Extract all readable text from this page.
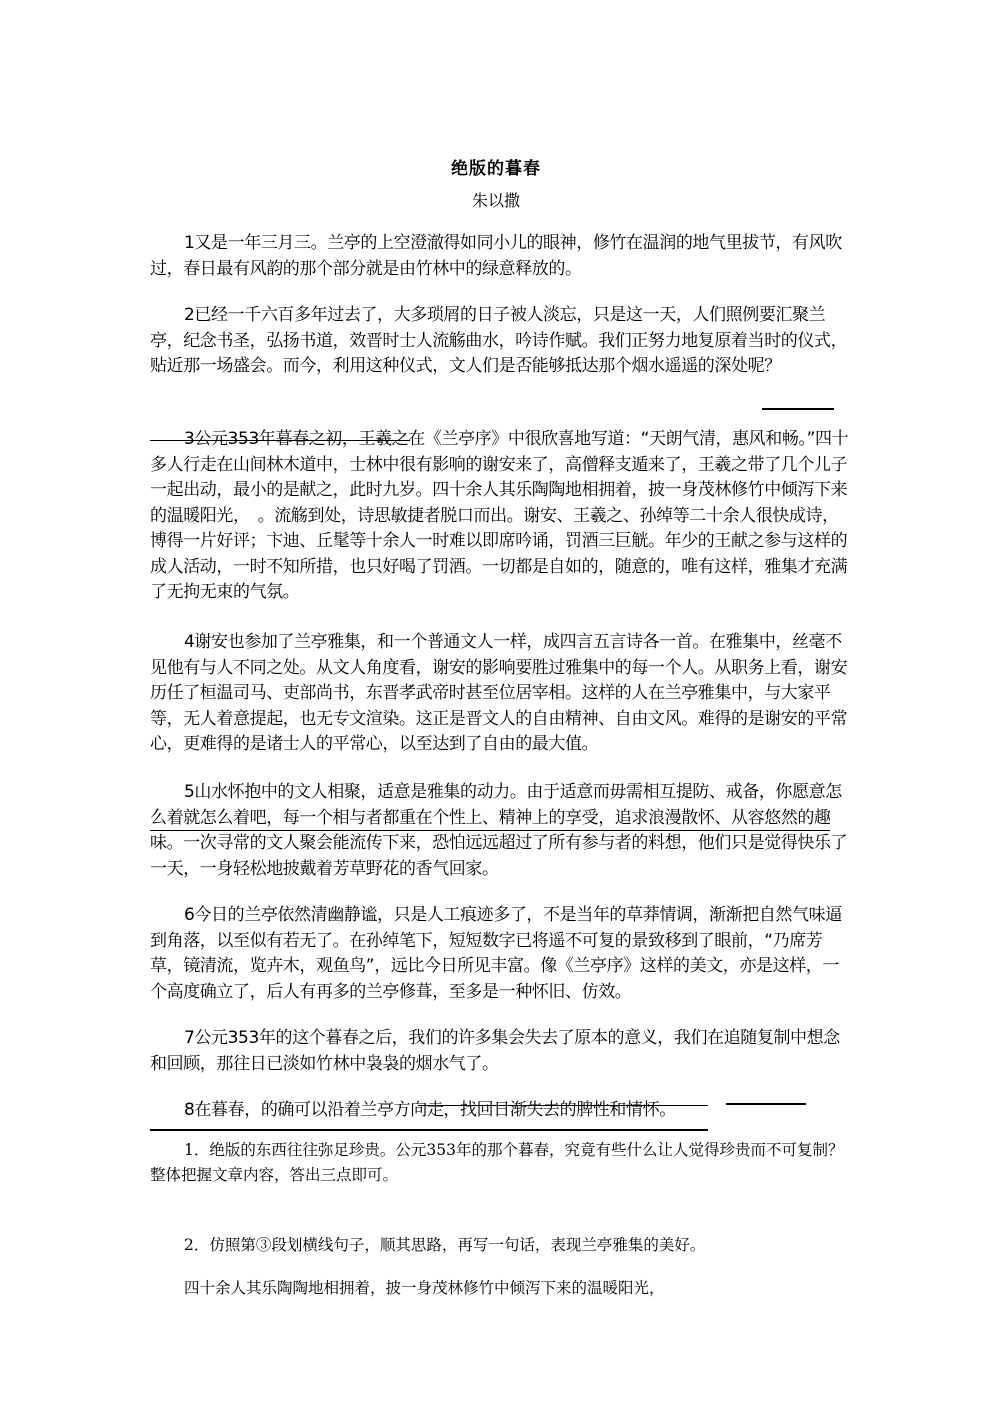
绝版的暮春
朱以撒
1又是一年三月三。兰亭的上空澄澈得如同小儿的眼神，修竹在温润的地气里拔节，有风吹过，春日最有风韵的那个部分就是由竹林中的绿意释放的。
2已经一千六百多年过去了，大多琐屑的日子被人淡忘，只是这一天，人们照例要汇聚兰亭，纪念书圣，弘扬书道，效晋时士人流觞曲水，吟诗作赋。我们正努力地复原着当时的仪式，贴近那一场盛会。而今，利用这种仪式，文人们是否能够抵达那个烟水遥遥的深处呢？
3公元353年暮春之初，王羲之在《兰亭序》中很欣喜地写道：“天朗气清，惠风和畅。”四十多人行走在山间林木道中，士林中很有影响的谢安来了，高僧释支遁来了，王羲之带了几个儿子一起出动，最小的是献之，此时九岁。四十余人其乐陶陶地相拥着，披一身茂林修竹中倾泻下来的温暖阳光，　。流觞到处，诗思敏捷者脱口而出。谢安、王羲之、孙绰等二十余人很快成诗，博得一片好评；卞迪、丘髦等十余人一时难以即席吟诵，罚酒三巨觥。年少的王献之参与这样的成人活动，一时不知所措，也只好喝了罚酒。一切都是自如的，随意的，唯有这样，雅集才充满了无拘无束的气氛。
4谢安也参加了兰亭雅集，和一个普通文人一样，成四言五言诗各一首。在雅集中，丝毫不见他有与人不同之处。从文人角度看，谢安的影响要胜过雅集中的每一个人。从职务上看，谢安历任了桓温司马、吏部尚书，东晋孝武帝时甚至位居宰相。这样的人在兰亭雅集中，与大家平等，无人着意提起，也无专文渲染。这正是晋文人的自由精神、自由文风。难得的是谢安的平常心，更难得的是诸士人的平常心，以至达到了自由的最大值。
5山水怀抱中的文人相聚，适意是雅集的动力。由于适意而毋需相互提防、戒备，你愿意怎么着就怎么着吧，每一个相与者都重在个性上、精神上的享受，追求浪漫散怀、从容悠然的趣味。一次寻常的文人聚会能流传下来，恐怕远远超过了所有参与者的料想，他们只是觉得快乐了一天，一身轻松地披戴着芳草野花的香气回家。
6今日的兰亭依然清幽静谧，只是人工痕迹多了，不是当年的草莽情调，渐渐把自然气味逼到角落，以至似有若无了。在孙绰笔下，短短数字已将遥不可复的景致移到了眼前，“乃席芳草，镜清流，览卉木，观鱼鸟”，远比今日所见丰富。像《兰亭序》这样的美文，亦是这样，一个高度确立了，后人有再多的兰亭修葺，至多是一种怀旧、仿效。
7公元353年的这个暮春之后，我们的许多集会失去了原本的意义，我们在追随复制中想念和回顾，那往日已淡如竹林中袅袅的烟水气了。
8在暮春，的确可以沿着兰亭方向走，找回日渐失去的脾性和情怀。
1．绝版的东西往往弥足珍贵。公元353年的那个暮春，究竟有些什么让人觉得珍贵而不可复制？整体把握文章内容，答出三点即可。
2．仿照第③段划横线句子，顺其思路，再写一句话，表现兰亭雅集的美好。
四十余人其乐陶陶地相拥着，披一身茂林修竹中倾泻下来的温暖阳光，
